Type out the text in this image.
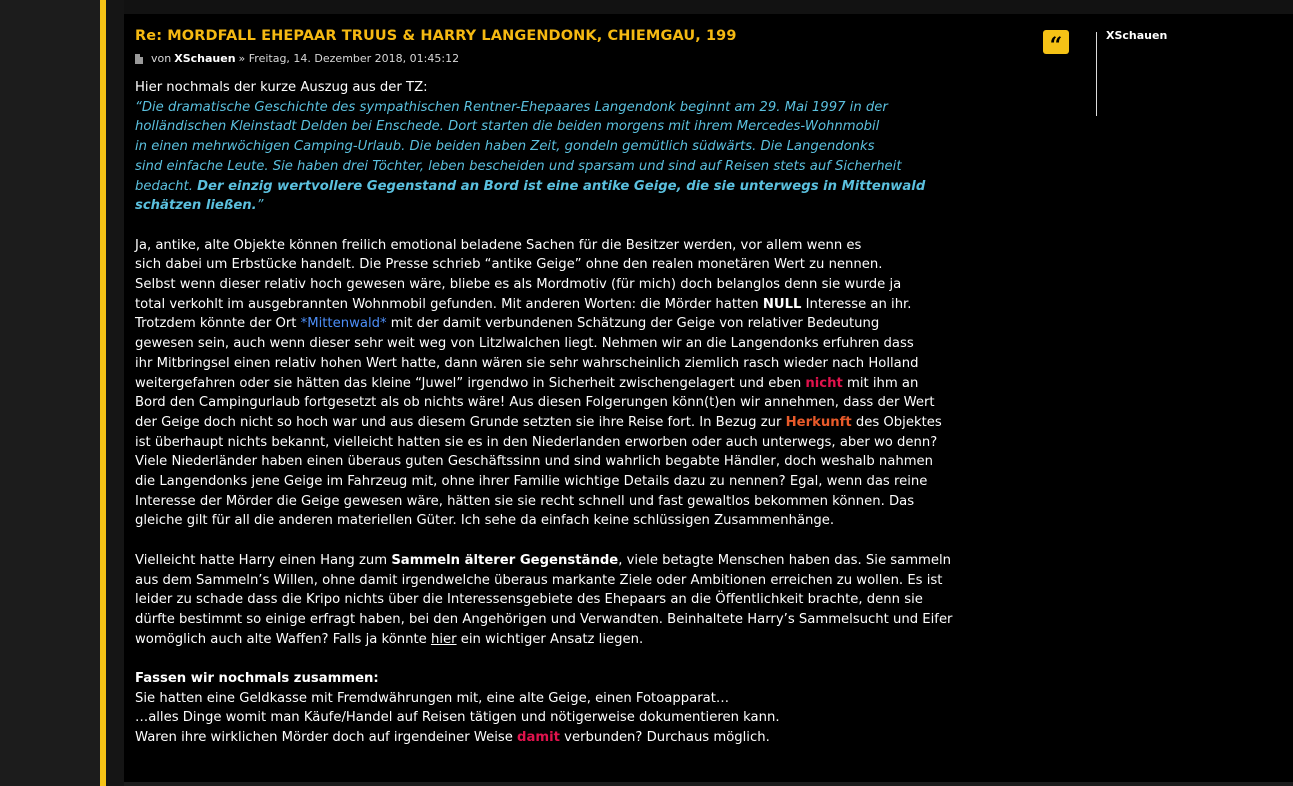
Re: MORDFALL EHEPAAR TRUUS & HARRY LANGENDONK, CHIEMGAU, 199
von XSchauen » Freitag, 14. Dezember 2018, 01:45:12	“	XSchauen

Hier nochmals der kurze Auszug aus der TZ:

“Die dramatische Geschichte des sympathischen Rentner-Ehepaares Langendonk beginnt am 29. Mai 1997 in der

holländischen Kleinstadt Delden bei Enschede. Dort starten die beiden morgens mit ihrem Mercedes-Wohnmobil

in einen mehrwöchigen Camping-Urlaub. Die beiden haben Zeit, gondeln gemütlich südwärts. Die Langendonks

sind einfache Leute. Sie haben drei Töchter, leben bescheiden und sparsam und sind auf Reisen stets auf Sicherheit

bedacht. Der einzig wertvollere Gegenstand an Bord ist eine antike Geige, die sie unterwegs in Mittenwald

schätzen ließen.”

Ja, antike, alte Objekte können freilich emotional beladene Sachen für die Besitzer werden, vor allem wenn es

sich dabei um Erbstücke handelt. Die Presse schrieb “antike Geige” ohne den realen monetären Wert zu nennen.

Selbst wenn dieser relativ hoch gewesen wäre, bliebe es als Mordmotiv (für mich) doch belanglos denn sie wurde ja

total verkohlt im ausgebrannten Wohnmobil gefunden. Mit anderen Worten: die Mörder hatten NULL Interesse an ihr.

Trotzdem könnte der Ort *Mittenwald* mit der damit verbundenen Schätzung der Geige von relativer Bedeutung

gewesen sein, auch wenn dieser sehr weit weg von Litzlwalchen liegt. Nehmen wir an die Langendonks erfuhren dass

ihr Mitbringsel einen relativ hohen Wert hatte, dann wären sie sehr wahrscheinlich ziemlich rasch wieder nach Holland

weitergefahren oder sie hätten das kleine “Juwel” irgendwo in Sicherheit zwischengelagert und eben nicht mit ihm an

Bord den Campingurlaub fortgesetzt als ob nichts wäre! Aus diesen Folgerungen könn(t)en wir annehmen, dass der Wert

der Geige doch nicht so hoch war und aus diesem Grunde setzten sie ihre Reise fort. In Bezug zur Herkunft des Objektes

ist überhaupt nichts bekannt, vielleicht hatten sie es in den Niederlanden erworben oder auch unterwegs, aber wo denn?

Viele Niederländer haben einen überaus guten Geschäftssinn und sind wahrlich begabte Händler, doch weshalb nahmen

die Langendonks jene Geige im Fahrzeug mit, ohne ihrer Familie wichtige Details dazu zu nennen? Egal, wenn das reine

Interesse der Mörder die Geige gewesen wäre, hätten sie sie recht schnell und fast gewaltlos bekommen können. Das

gleiche gilt für all die anderen materiellen Güter. Ich sehe da einfach keine schlüssigen Zusammenhänge.

Vielleicht hatte Harry einen Hang zum Sammeln älterer Gegenstände, viele betagte Menschen haben das. Sie sammeln

aus dem Sammeln’s Willen, ohne damit irgendwelche überaus markante Ziele oder Ambitionen erreichen zu wollen. Es ist

leider zu schade dass die Kripo nichts über die Interessensgebiete des Ehepaars an die Öffentlichkeit brachte, denn sie

dürfte bestimmt so einige erfragt haben, bei den Angehörigen und Verwandten. Beinhaltete Harry’s Sammelsucht und Eifer

womöglich auch alte Waffen? Falls ja könnte hier ein wichtiger Ansatz liegen.

Fassen wir nochmals zusammen:

Sie hatten eine Geldkasse mit Fremdwährungen mit, eine alte Geige, einen Fotoapparat…

…alles Dinge womit man Käufe/Handel auf Reisen tätigen und nötigerweise dokumentieren kann.

Waren ihre wirklichen Mörder doch auf irgendeiner Weise damit verbunden? Durchaus möglich.
